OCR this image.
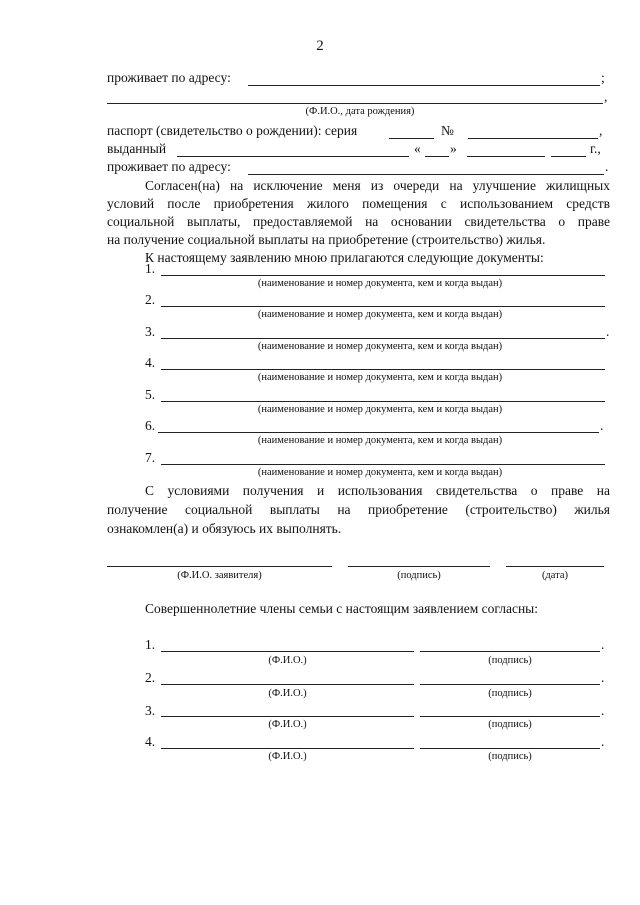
2
проживает по адресу:	;
,
(Ф.И.О., дата рождения)
паспорт (свидетельство о рождении): серия	№	,
выданный	« »	г.,
проживает по адресу:	.
Согласен(на) на исключение меня из очереди на улучшение жилищных
условий после приобретения жилого помещения с использованием средств
социальной выплаты, предоставляемой на основании свидетельства о праве
на получение социальной выплаты на приобретение (строительство) жилья.
К настоящему заявлению мною прилагаются следующие документы:
1.
(наименование и номер документа, кем и когда выдан)
2.
(наименование и номер документа, кем и когда выдан)
3.	.
(наименование и номер документа, кем и когда выдан)
4.
(наименование и номер документа, кем и когда выдан)
5.
(наименование и номер документа, кем и когда выдан)
6.	.
(наименование и номер документа, кем и когда выдан)
7.
(наименование и номер документа, кем и когда выдан)
С условиями получения и использования свидетельства о праве на
получение социальной выплаты на приобретение (строительство) жилья
ознакомлен(а) и обязуюсь их выполнять.
(Ф.И.О. заявителя)	(подпись)	(дата)
Совершеннолетние члены семьи с настоящим заявлением согласны:
1.	.
(Ф.И.О.)	(подпись)
2.	.
(Ф.И.О.)	(подпись)
3.	.
(Ф.И.О.)	(подпись)
4.	.
(Ф.И.О.)	(подпись)
